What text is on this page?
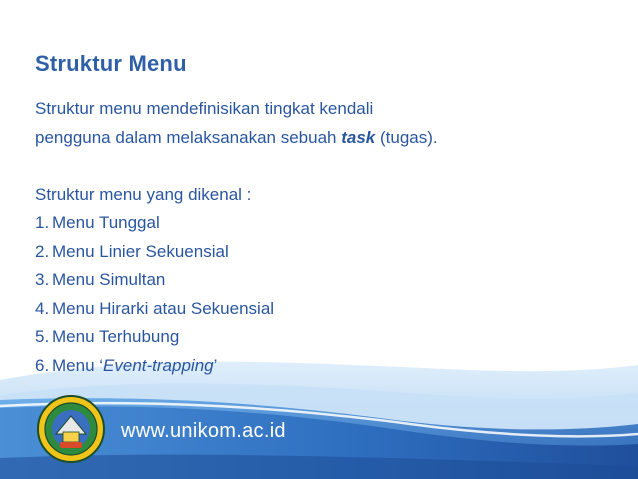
Struktur Menu

Struktur menu mendefinisikan tingkat kendali

pengguna dalam melaksanakan sebuah task (tugas).

Struktur menu yang dikenal :

1. Menu Tunggal
2. Menu Linier Sekuensial
3. Menu Simultan
4. Menu Hirarki atau Sekuensial
5. Menu Terhubung
6. Menu ‘Event-trapping’
www.unikom.ac.id
